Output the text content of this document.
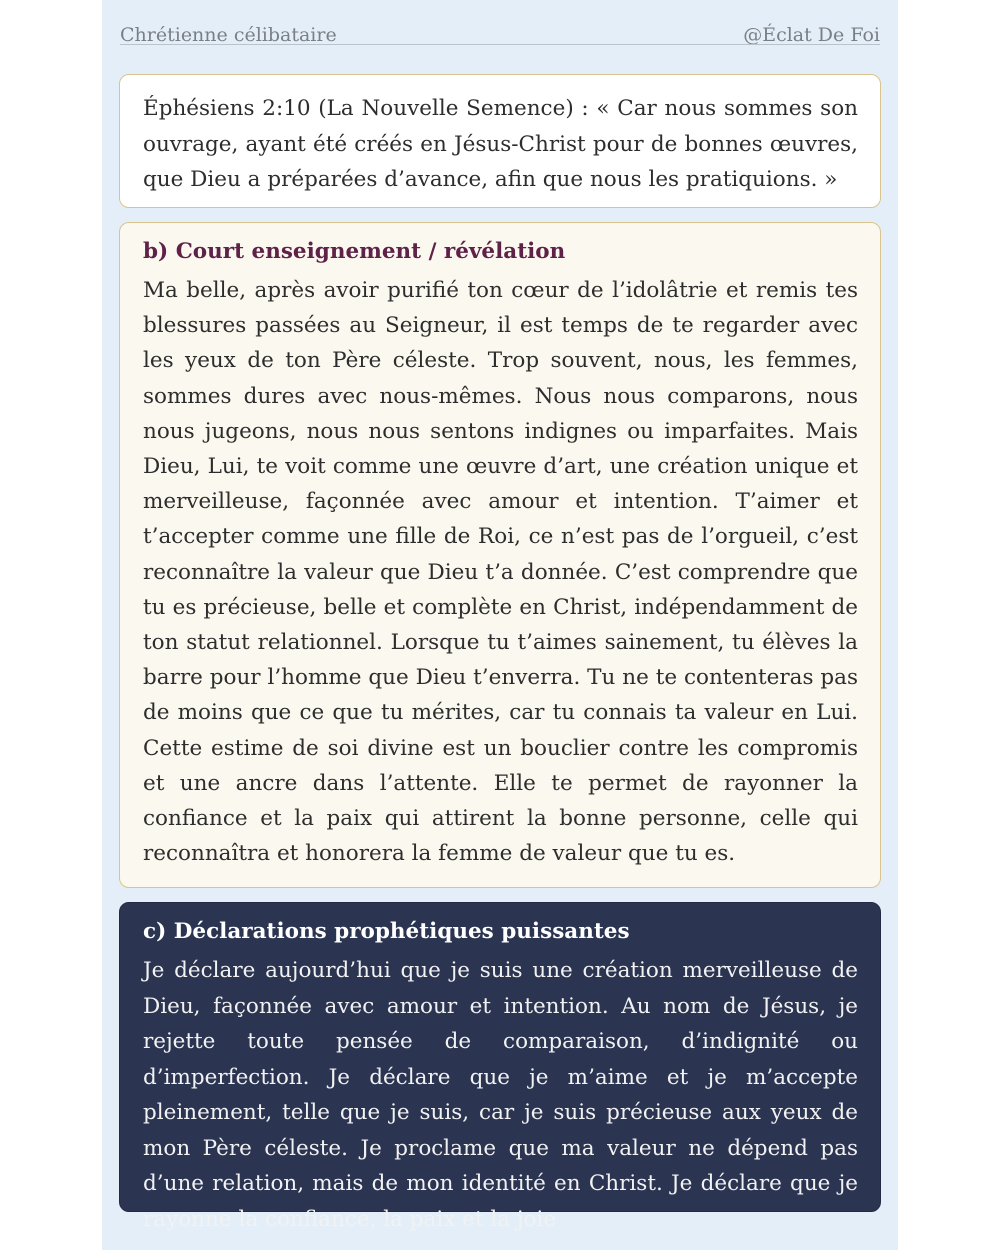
Chrétienne célibataire	@Éclat De Foi

Éphésiens 2:10 (La Nouvelle Semence) : « Car nous sommes son ouvrage, ayant été créés en Jésus-Christ pour de bonnes œuvres, que Dieu a préparées d’avance, afin que nous les pratiquions. »

b) Court enseignement / révélation

Ma belle, après avoir purifié ton cœur de l’idolâtrie et remis tes blessures passées au Seigneur, il est temps de te regarder avec les yeux de ton Père céleste. Trop souvent, nous, les femmes, sommes dures avec nous-mêmes. Nous nous comparons, nous nous jugeons, nous nous sentons indignes ou imparfaites. Mais Dieu, Lui, te voit comme une œuvre d’art, une création unique et merveilleuse, façonnée avec amour et intention. T’aimer et t’accepter comme une fille de Roi, ce n’est pas de l’orgueil, c’est reconnaître la valeur que Dieu t’a donnée. C’est comprendre que tu es précieuse, belle et complète en Christ, indépendamment de ton statut relationnel. Lorsque tu t’aimes sainement, tu élèves la barre pour l’homme que Dieu t’enverra. Tu ne te contenteras pas de moins que ce que tu mérites, car tu connais ta valeur en Lui. Cette estime de soi divine est un bouclier contre les compromis et une ancre dans l’attente. Elle te permet de rayonner la confiance et la paix qui attirent la bonne personne, celle qui reconnaîtra et honorera la femme de valeur que tu es.

c) Déclarations prophétiques puissantes

Je déclare aujourd’hui que je suis une création merveilleuse de Dieu, façonnée avec amour et intention. Au nom de Jésus, je rejette toute pensée de comparaison, d’indignité ou d’imperfection. Je déclare que je m’aime et je m’accepte pleinement, telle que je suis, car je suis précieuse aux yeux de mon Père céleste. Je proclame que ma valeur ne dépend pas d’une relation, mais de mon identité en Christ. Je déclare que je rayonne la confiance, la paix et la joie
